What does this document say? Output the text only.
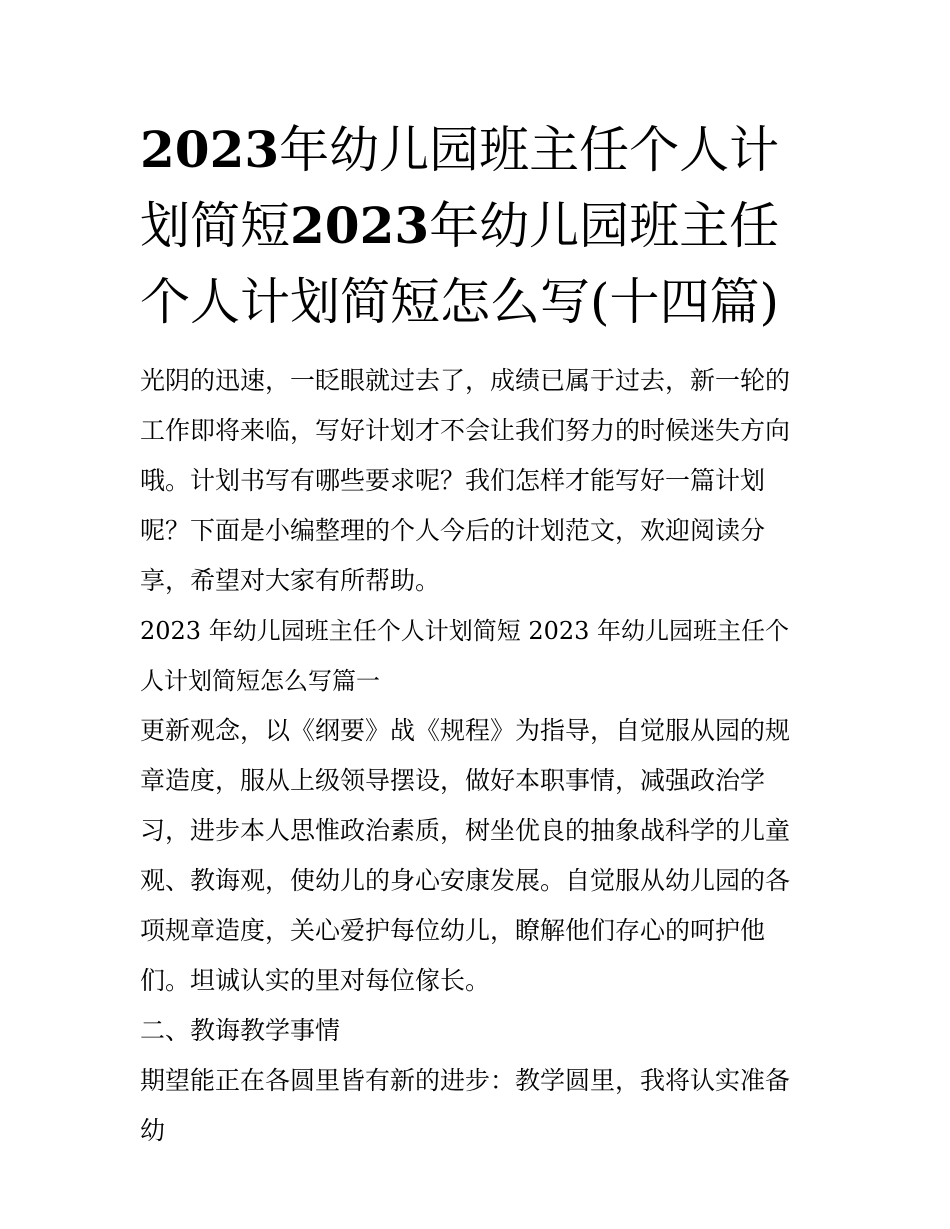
2023年幼儿园班主任个人计划简短2023年幼儿园班主任个人计划简短怎么写(十四篇)

光阴的迅速，一眨眼就过去了，成绩已属于过去，新一轮的工作即将来临，写好计划才不会让我们努力的时候迷失方向哦。计划书写有哪些要求呢？我们怎样才能写好一篇计划呢？下面是小编整理的个人今后的计划范文，欢迎阅读分享，希望对大家有所帮助。

2023 年幼儿园班主任个人计划简短 2023 年幼儿园班主任个人计划简短怎么写篇一

更新观念，以《纲要》战《规程》为指导，自觉服从园的规章造度，服从上级领导摆设，做好本职事情，减强政治学习，进步本人思惟政治素质，树坐优良的抽象战科学的儿童观、教诲观，使幼儿的身心安康发展。自觉服从幼儿园的各项规章造度，关心爱护每位幼儿，瞭解他们存心的呵护他们。坦诚认实的里对每位傢长。

二、教诲教学事情

期望能正在各圆里皆有新的进步：教学圆里，我将认实准备幼
